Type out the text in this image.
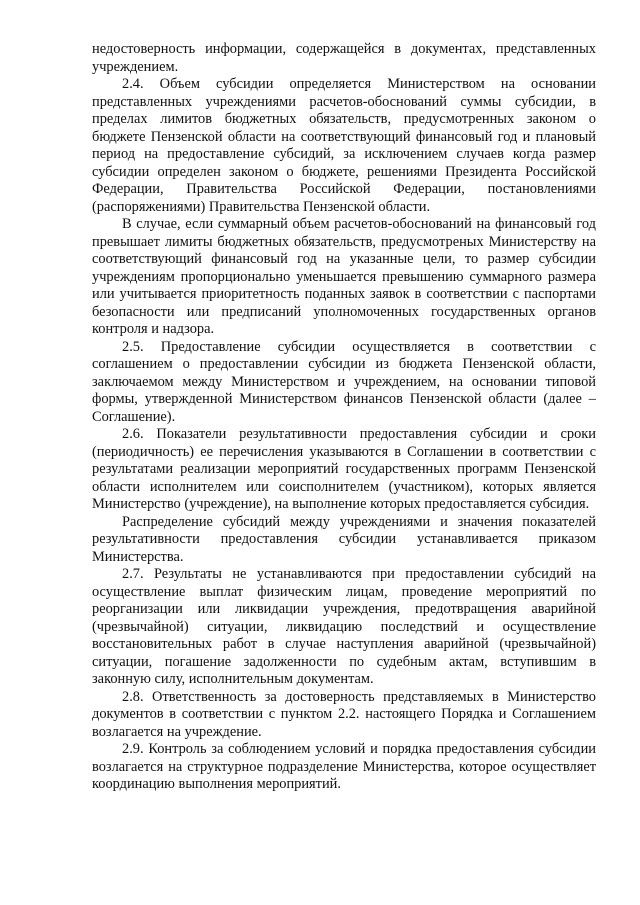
недостоверность информации, содержащейся в документах, представленных учреждением.

2.4. Объем субсидии определяется Министерством на основании представленных учреждениями расчетов-обоснований суммы субсидии, в пределах лимитов бюджетных обязательств, предусмотренных законом о бюджете Пензенской области на соответствующий финансовый год и плановый период на предоставление субсидий, за исключением случаев когда размер субсидии определен законом о бюджете, решениями Президента Российской Федерации, Правительства Российской Федерации, постановлениями (распоряжениями) Правительства Пензенской области.

В случае, если суммарный объем расчетов-обоснований на финансовый год превышает лимиты бюджетных обязательств, предусмотреных Министерству на соответствующий финансовый год на указанные цели, то размер субсидии учреждениям пропорционально уменьшается превышению суммарного размера или учитывается приоритетность поданных заявок в соответствии с паспортами безопасности или предписаний уполномоченных государственных органов контроля и надзора.

2.5. Предоставление субсидии осуществляется в соответствии с соглашением о предоставлении субсидии из бюджета Пензенской области, заключаемом между Министерством и учреждением, на основании типовой формы, утвержденной Министерством финансов Пензенской области (далее – Соглашение).

2.6. Показатели результативности предоставления субсидии и сроки (периодичность) ее перечисления указываются в Соглашении в соответствии с результатами реализации мероприятий государственных программ Пензенской области исполнителем или соисполнителем (участником), которых является Министерство (учреждение), на выполнение которых предоставляется субсидия.

Распределение субсидий между учреждениями и значения показателей результативности предоставления субсидии устанавливается приказом Министерства.

2.7. Результаты не устанавливаются при предоставлении субсидий на осуществление выплат физическим лицам, проведение мероприятий по реорганизации или ликвидации учреждения, предотвращения аварийной (чрезвычайной) ситуации, ликвидацию последствий и осуществление восстановительных работ в случае наступления аварийной (чрезвычайной) ситуации, погашение задолженности по судебным актам, вступившим в законную силу, исполнительным документам.

2.8. Ответственность за достоверность представляемых в Министерство документов в соответствии с пунктом 2.2. настоящего Порядка и Соглашением возлагается на учреждение.

2.9. Контроль за соблюдением условий и порядка предоставления субсидии возлагается на структурное подразделение Министерства, которое осуществляет координацию выполнения мероприятий.
